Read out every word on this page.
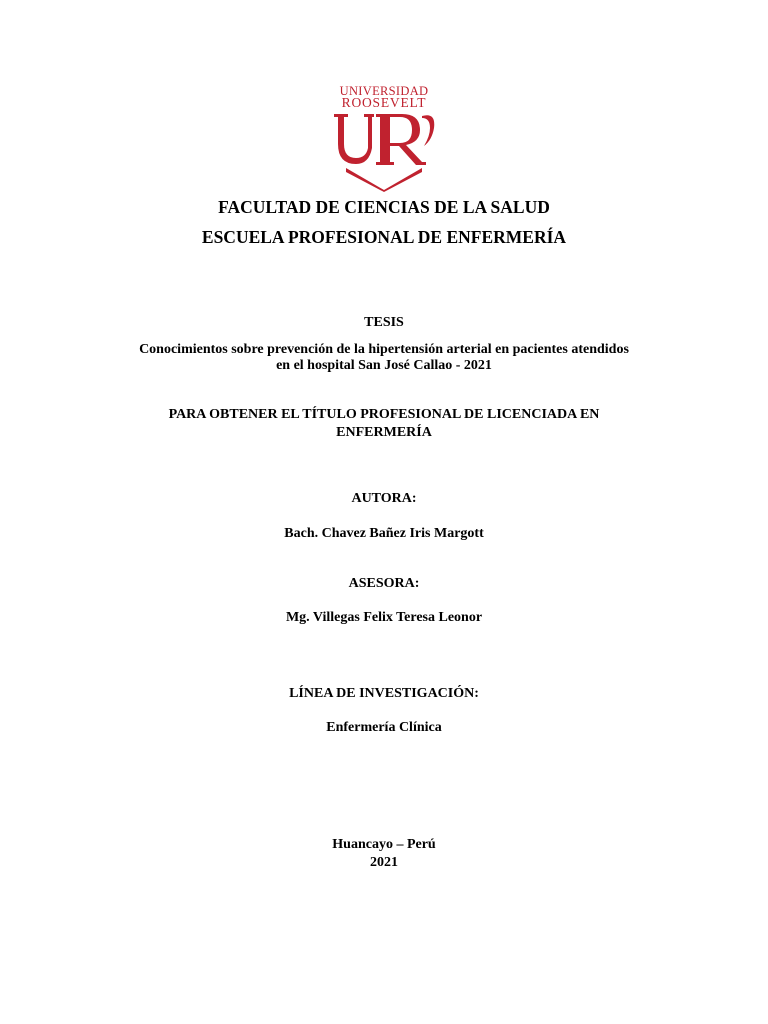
UNIVERSIDAD
ROOSEVELT
FACULTAD DE CIENCIAS DE LA SALUD
ESCUELA PROFESIONAL DE ENFERMERÍA
TESIS
Conocimientos sobre prevención de la hipertensión arterial en pacientes atendidos
en el hospital San José Callao - 2021
PARA OBTENER EL TÍTULO PROFESIONAL DE LICENCIADA EN
ENFERMERÍA
AUTORA:
Bach. Chavez Bañez Iris Margott
ASESORA:
Mg. Villegas Felix Teresa Leonor
LÍNEA DE INVESTIGACIÓN:
Enfermería Clínica
Huancayo – Perú
2021
